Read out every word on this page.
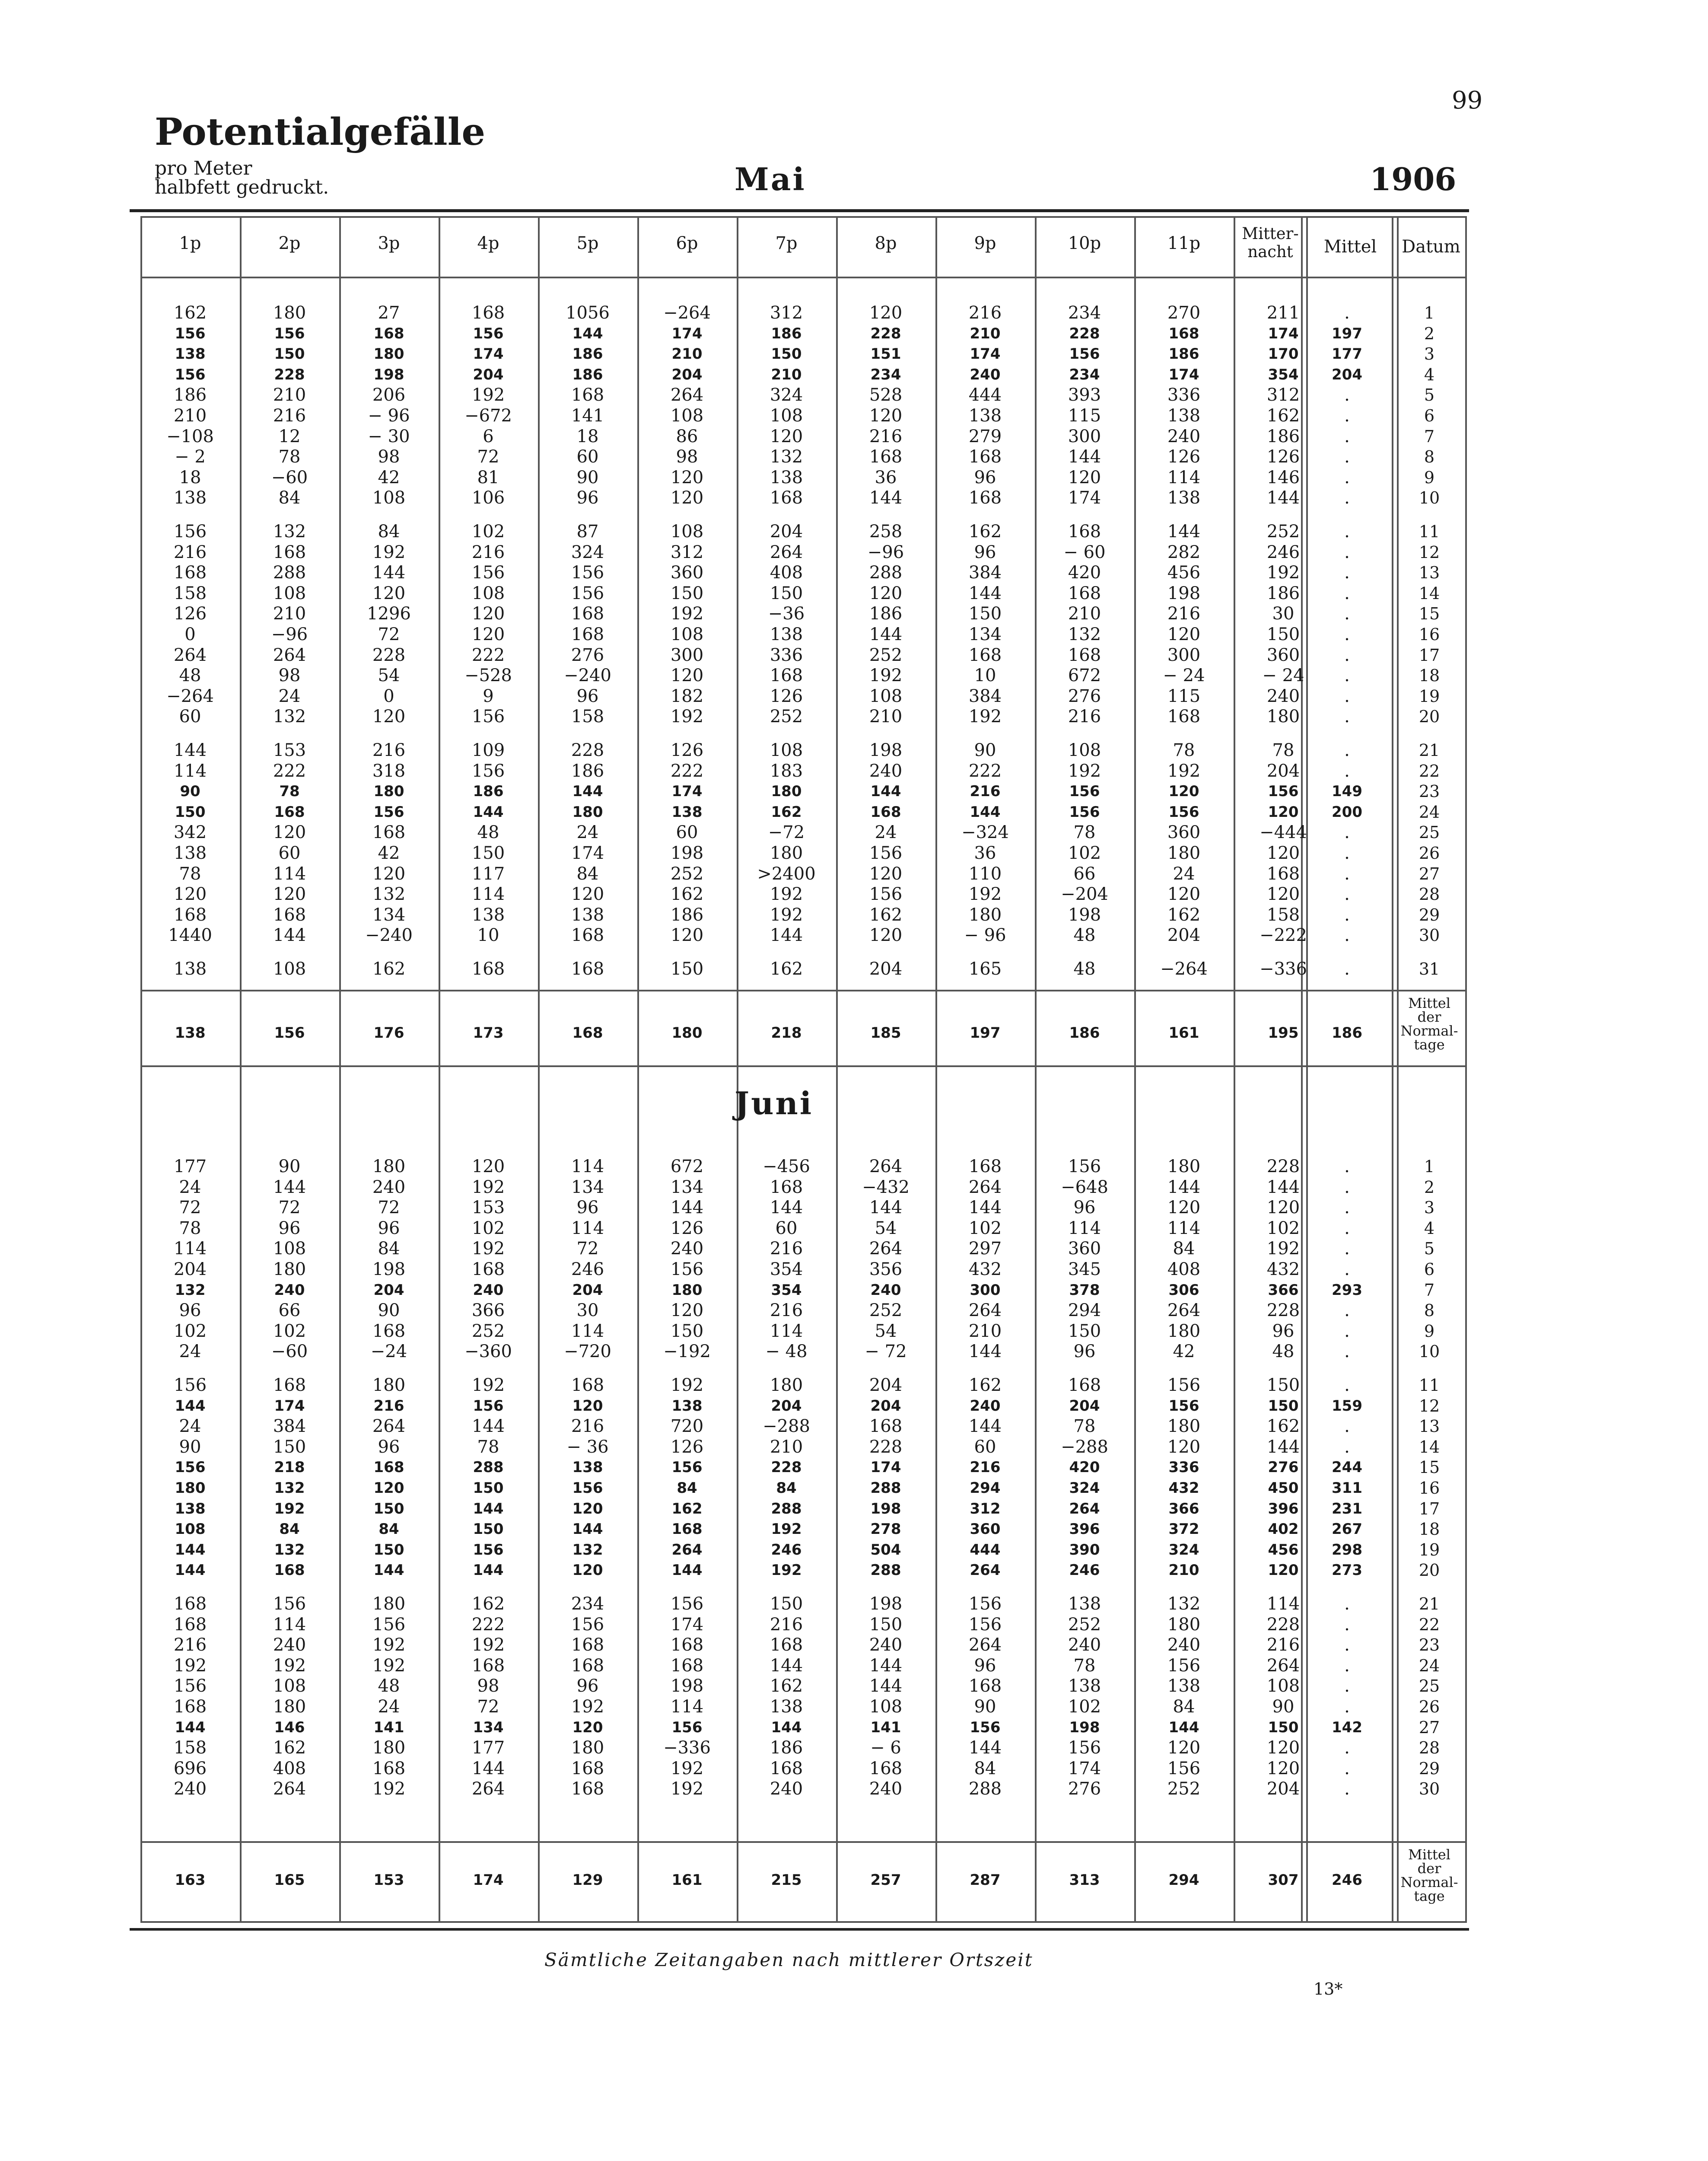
99
Potentialgefälle
pro Meter
halbfett gedruckt.	Mai	1906
1p	2p	3p	4p	5p	6p	7p	8p	9p	10p	11p	Mitter-nacht	Mittel	Datum
162	180	27	168	1056	−264	312	120	216	234	270	211	.	1
156	156	168	156	144	174	186	228	210	228	168	174	197	2
138	150	180	174	186	210	150	151	174	156	186	170	177	3
156	228	198	204	186	204	210	234	240	234	174	354	204	4
186	210	206	192	168	264	324	528	444	393	336	312	.	5
210	216	− 96	−672	141	108	108	120	138	115	138	162	.	6
−108	12	− 30	6	18	86	120	216	279	300	240	186	.	7
− 2	78	98	72	60	98	132	168	168	144	126	126	.	8
18	−60	42	81	90	120	138	36	96	120	114	146	.	9
138	84	108	106	96	120	168	144	168	174	138	144	.	10
156	132	84	102	87	108	204	258	162	168	144	252	.	11
216	168	192	216	324	312	264	−96	96	− 60	282	246	.	12
168	288	144	156	156	360	408	288	384	420	456	192	.	13
158	108	120	108	156	150	150	120	144	168	198	186	.	14
126	210	1296	120	168	192	−36	186	150	210	216	30	.	15
0	−96	72	120	168	108	138	144	134	132	120	150	.	16
264	264	228	222	276	300	336	252	168	168	300	360	.	17
48	98	54	−528	−240	120	168	192	10	672	− 24	− 24	.	18
−264	24	0	9	96	182	126	108	384	276	115	240	.	19
60	132	120	156	158	192	252	210	192	216	168	180	.	20
144	153	216	109	228	126	108	198	90	108	78	78	.	21
114	222	318	156	186	222	183	240	222	192	192	204	.	22
90	78	180	186	144	174	180	144	216	156	120	156	149	23
150	168	156	144	180	138	162	168	144	156	156	120	200	24
342	120	168	48	24	60	−72	24	−324	78	360	−444	.	25
138	60	42	150	174	198	180	156	36	102	180	120	.	26
78	114	120	117	84	252	>2400	120	110	66	24	168	.	27
120	120	132	114	120	162	192	156	192	−204	120	120	.	28
168	168	134	138	138	186	192	162	180	198	162	158	.	29
1440	144	−240	10	168	120	144	120	− 96	48	204	−222	.	30
138	108	162	168	168	150	162	204	165	48	−264	−336	.	31
138	156	176	173	168	180	218	185	197	186	161	195	186
Mittel der Normal-tage
177	90	180	120	114	672	−456	264	168	156	180	228	.	1
24	144	240	192	134	134	168	−432	264	−648	144	144	.	2
72	72	72	153	96	144	144	144	144	96	120	120	.	3
78	96	96	102	114	126	60	54	102	114	114	102	.	4
114	108	84	192	72	240	216	264	297	360	84	192	.	5
204	180	198	168	246	156	354	356	432	345	408	432	.	6
132	240	204	240	204	180	354	240	300	378	306	366	293	7
96	66	90	366	30	120	216	252	264	294	264	228	.	8
102	102	168	252	114	150	114	54	210	150	180	96	.	9
24	−60	−24	−360	−720	−192	− 48	− 72	144	96	42	48	.	10
156	168	180	192	168	192	180	204	162	168	156	150	.	11
144	174	216	156	120	138	204	204	240	204	156	150	159	12
24	384	264	144	216	720	−288	168	144	78	180	162	.	13
90	150	96	78	− 36	126	210	228	60	−288	120	144	.	14
156	218	168	288	138	156	228	174	216	420	336	276	244	15
180	132	120	150	156	84	84	288	294	324	432	450	311	16
138	192	150	144	120	162	288	198	312	264	366	396	231	17
108	84	84	150	144	168	192	278	360	396	372	402	267	18
144	132	150	156	132	264	246	504	444	390	324	456	298	19
144	168	144	144	120	144	192	288	264	246	210	120	273	20
168	156	180	162	234	156	150	198	156	138	132	114	.	21
168	114	156	222	156	174	216	150	156	252	180	228	.	22
216	240	192	192	168	168	168	240	264	240	240	216	.	23
192	192	192	168	168	168	144	144	96	78	156	264	.	24
156	108	48	98	96	198	162	144	168	138	138	108	.	25
168	180	24	72	192	114	138	108	90	102	84	90	.	26
144	146	141	134	120	156	144	141	156	198	144	150	142	27
158	162	180	177	180	−336	186	− 6	144	156	120	120	.	28
696	408	168	144	168	192	168	168	84	174	156	120	.	29
240	264	192	264	168	192	240	240	288	276	252	204	.	30
163	165	153	174	129	161	215	257	287	313	294	307	246
Mittel der Normal-tage
Juni
Sämtliche Zeitangaben nach mittlerer Ortszeit
13*
